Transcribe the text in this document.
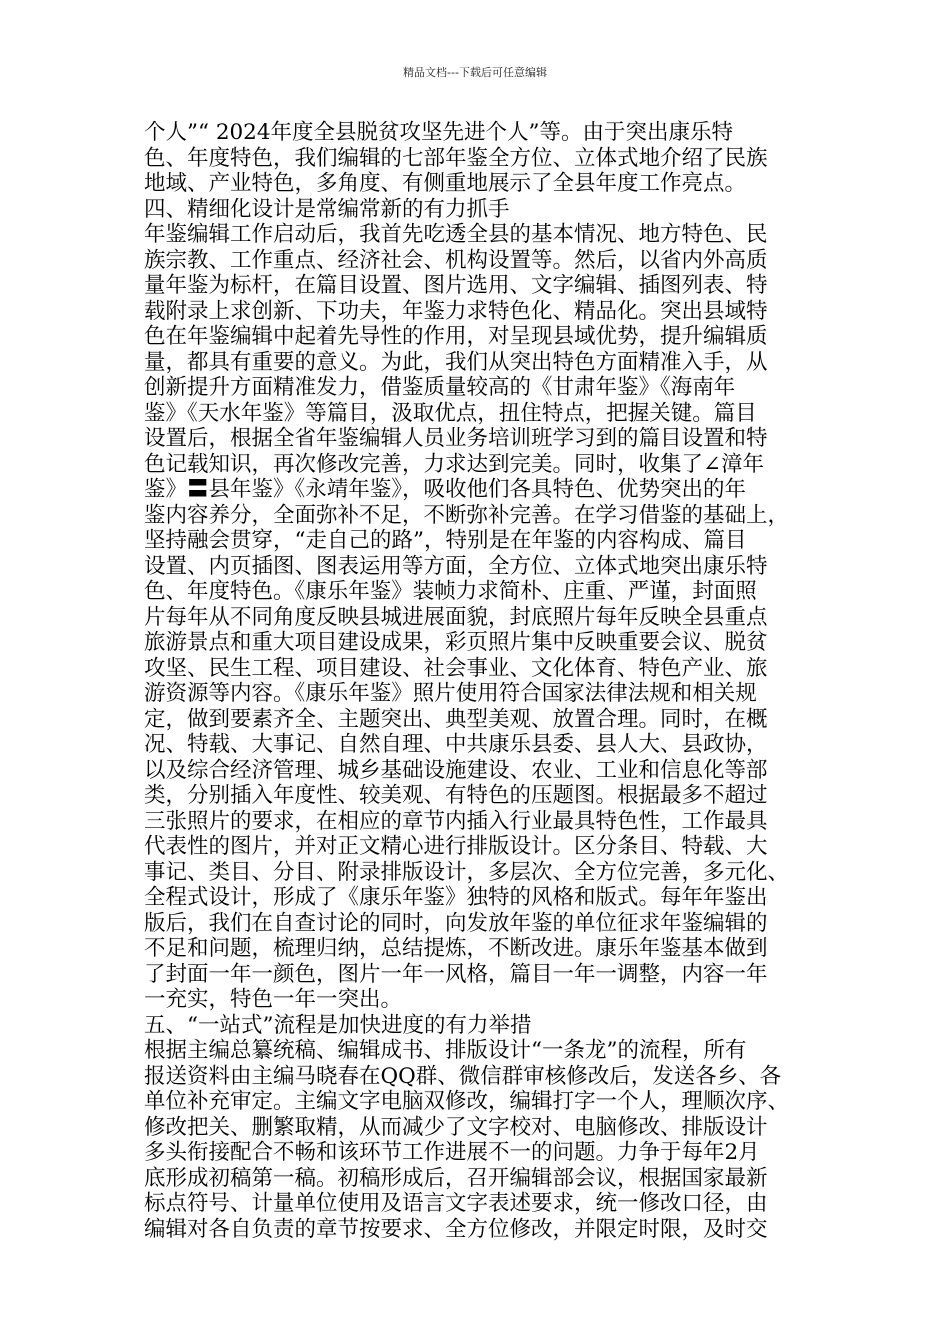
精品文档---下载后可任意编辑
个人”“ 2024年度全县脱贫攻坚先进个人”等。由于突出康乐特
色、年度特色，我们编辑的七部年鉴全方位、立体式地介绍了民族
地域、产业特色，多角度、有侧重地展示了全县年度工作亮点。
四、精细化设计是常编常新的有力抓手
年鉴编辑工作启动后，我首先吃透全县的基本情况、地方特色、民
族宗教、工作重点、经济社会、机构设置等。然后，以省内外高质
量年鉴为标杆，在篇目设置、图片选用、文字编辑、插图列表、特
载附录上求创新、下功夫，年鉴力求特色化、精品化。突出县域特
色在年鉴编辑中起着先导性的作用，对呈现县域优势，提升编辑质
量，都具有重要的意义。为此，我们从突出特色方面精准入手，从
创新提升方面精准发力，借鉴质量较高的《甘肃年鉴》《海南年
鉴》《天水年鉴》等篇目，汲取优点，扭住特点，把握关键。篇目
设置后，根据全省年鉴编辑人员业务培训班学习到的篇目设置和特
色记载知识，再次修改完善，力求达到完美。同时，收集了∠漳年
鉴》〓县年鉴》《永靖年鉴》，吸收他们各具特色、优势突出的年
鉴内容养分，全面弥补不足，不断弥补完善。在学习借鉴的基础上，
坚持融会贯穿，“走自己的路”，特别是在年鉴的内容构成、篇目
设置、内页插图、图表运用等方面，全方位、立体式地突出康乐特
色、年度特色。《康乐年鉴》装帧力求简朴、庄重、严谨，封面照
片每年从不同角度反映县城进展面貌，封底照片每年反映全县重点
旅游景点和重大项目建设成果，彩页照片集中反映重要会议、脱贫
攻坚、民生工程、项目建设、社会事业、文化体育、特色产业、旅
游资源等内容。《康乐年鉴》照片使用符合国家法律法规和相关规
定，做到要素齐全、主题突出、典型美观、放置合理。同时，在概
况、特载、大事记、自然自理、中共康乐县委、县人大、县政协，
以及综合经济管理、城乡基础设施建设、农业、工业和信息化等部
类，分别插入年度性、较美观、有特色的压题图。根据最多不超过
三张照片的要求，在相应的章节内插入行业最具特色性，工作最具
代表性的图片，并对正文精心进行排版设计。区分条目、特载、大
事记、类目、分目、附录排版设计，多层次、全方位完善，多元化、
全程式设计，形成了《康乐年鉴》独特的风格和版式。每年年鉴出
版后，我们在自查讨论的同时，向发放年鉴的单位征求年鉴编辑的
不足和问题，梳理归纳，总结提炼，不断改进。康乐年鉴基本做到
了封面一年一颜色，图片一年一风格，篇目一年一调整，内容一年
一充实，特色一年一突出。
五、“一站式”流程是加快进度的有力举措
根据主编总纂统稿、编辑成书、排版设计“一条龙”的流程，所有
报送资料由主编马晓春在QQ群、微信群审核修改后，发送各乡、各
单位补充审定。主编文字电脑双修改，编辑打字一个人，理顺次序、
修改把关、删繁取精，从而减少了文字校对、电脑修改、排版设计
多头衔接配合不畅和该环节工作进展不一的问题。力争于每年2月
底形成初稿第一稿。初稿形成后，召开编辑部会议，根据国家最新
标点符号、计量单位使用及语言文字表述要求，统一修改口径，由
编辑对各自负责的章节按要求、全方位修改，并限定时限，及时交
